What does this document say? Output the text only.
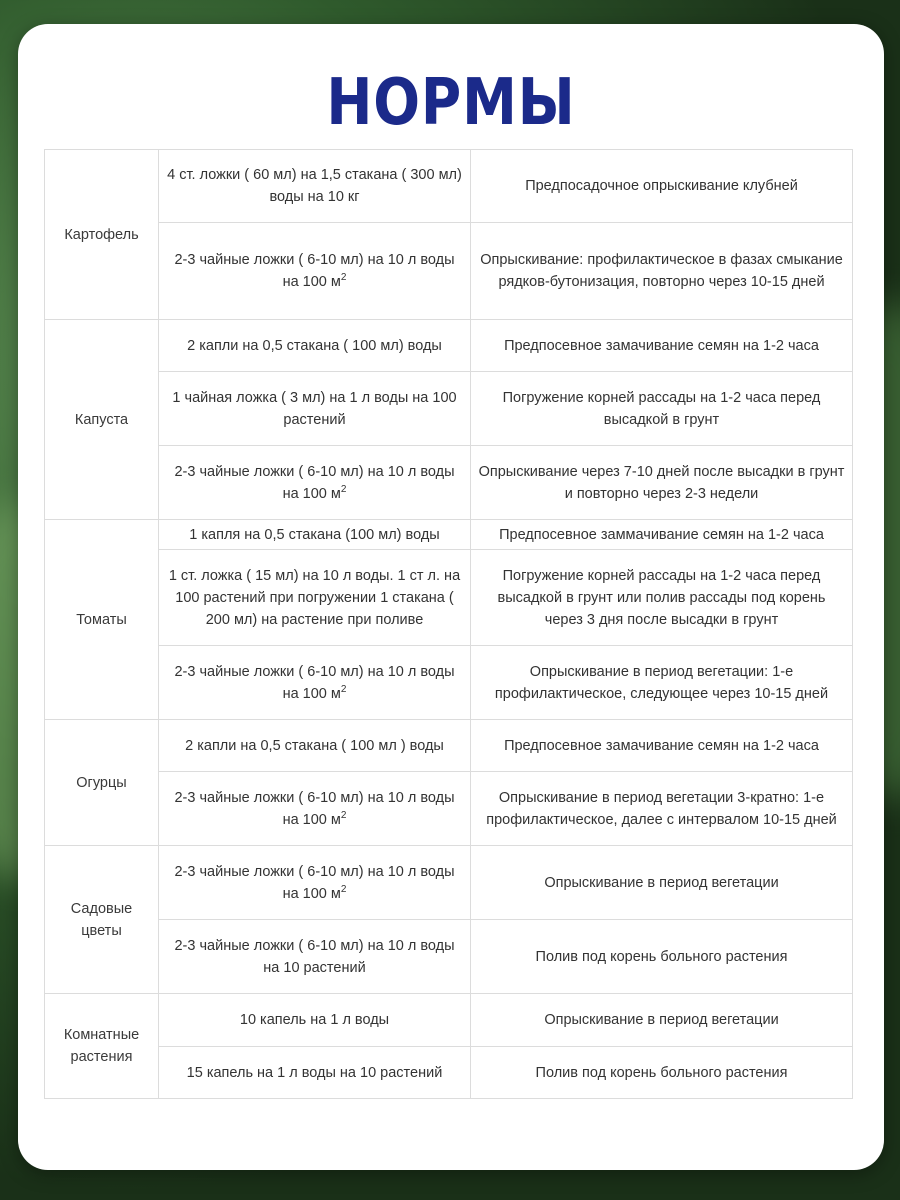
НОРМЫ
Картофель	4 ст. ложки ( 60 мл) на 1,5 стакана ( 300 мл) воды на 10 кг	Предпосадочное опрыскивание клубней
	2-3 чайные ложки ( 6-10 мл) на 10 л воды на 100 $м^2$	Опрыскивание: профилактическое в фазах смыкание рядков-бутонизация, повторно через 10-15 дней
Капуста	2 капли на 0,5 стакана ( 100 мл) воды	Предпосевное замачивание семян на 1-2 часа
	1 чайная ложка ( 3 мл) на 1 л воды на 100 растений	Погружение корней рассады на 1-2 часа перед высадкой в грунт
	2-3 чайные ложки ( 6-10 мл) на 10 л воды на 100 $м^2$	Опрыскивание через 7-10 дней после высадки в грунт и повторно через 2-3 недели
Томаты	1 капля на 0,5 стакана (100 мл) воды	Предпосевное заммачивание семян на 1-2 часа
	1 ст. ложка ( 15 мл) на 10 л воды. 1 ст л. на 100 растений при погружении 1 стакана ( 200 мл) на растение при поливе	Погружение корней рассады на 1-2 часа перед высадкой в грунт или полив рассады под корень через 3 дня после высадки в грунт
	2-3 чайные ложки ( 6-10 мл) на 10 л воды на 100 $м^2$	Опрыскивание в период вегетации: 1-е профилактическое, следующее через 10-15 дней
Огурцы	2 капли на 0,5 стакана ( 100 мл ) воды	Предпосевное замачивание семян на 1-2 часа
	2-3 чайные ложки ( 6-10 мл) на 10 л воды на 100 $м^2$	Опрыскивание в период вегетации 3-кратно: 1-е профилактическое, далее с интервалом 10-15 дней
Садовые цветы	2-3 чайные ложки ( 6-10 мл) на 10 л воды на 100 $м^2$	Опрыскивание в период вегетации
	2-3 чайные ложки ( 6-10 мл) на 10 л воды на 10 растений	Полив под корень больного растения
Комнатные растения	10 капель на 1 л воды	Опрыскивание в период вегетации
	15 капель на 1 л воды на 10 растений	Полив под корень больного растения
